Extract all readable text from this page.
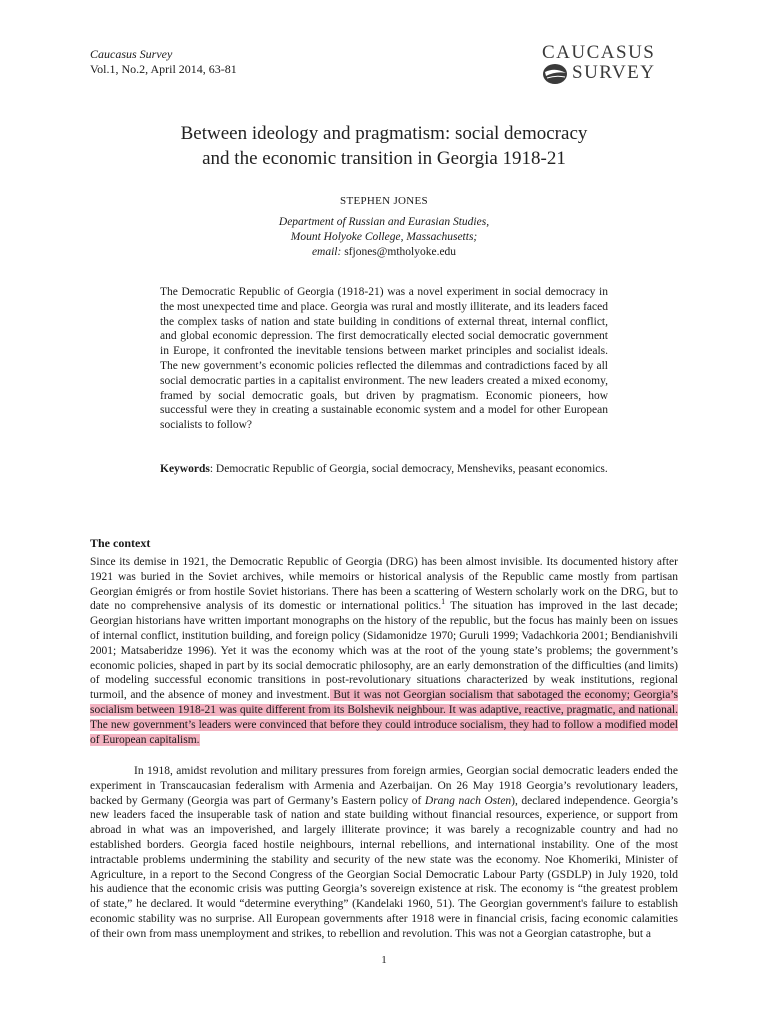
Caucasus Survey
Vol.1, No.2, April 2014, 63-81
CAUCASUS
SURVEY
Between ideology and pragmatism: social democracy
and the economic transition in Georgia 1918-21
STEPHEN JONES
Department of Russian and Eurasian Studies,
Mount Holyoke College, Massachusetts;
email: sfjones@mtholyoke.edu
The Democratic Republic of Georgia (1918-21) was a novel experiment in social democracy in the most unexpected time and place. Georgia was rural and mostly illiterate, and its leaders faced the complex tasks of nation and state building in conditions of external threat, internal conflict, and global economic depression. The first democratically elected social democratic government in Europe, it confronted the inevitable tensions between market principles and socialist ideals. The new government’s economic policies reflected the dilemmas and contradictions faced by all social democratic parties in a capitalist environment. The new leaders created a mixed economy, framed by social democratic goals, but driven by pragmatism. Economic pioneers, how successful were they in creating a sustainable economic system and a model for other European socialists to follow?
Keywords: Democratic Republic of Georgia, social democracy, Mensheviks, peasant economics.
The context
Since its demise in 1921, the Democratic Republic of Georgia (DRG) has been almost invisible. Its documented history after 1921 was buried in the Soviet archives, while memoirs or historical analysis of the Republic came mostly from partisan Georgian émigrés or from hostile Soviet historians. There has been a scattering of Western scholarly work on the DRG, but to date no comprehensive analysis of its domestic or international politics.$^1$ The situation has improved in the last decade; Georgian historians have written important monographs on the history of the republic, but the focus has mainly been on issues of internal conflict, institution building, and foreign policy (Sidamonidze 1970; Guruli 1999; Vadachkoria 2001; Bendianishvili 2001; Matsaberidze 1996). Yet it was the economy which was at the root of the young state’s problems; the government’s economic policies, shaped in part by its social democratic philosophy, are an early demonstration of the difficulties (and limits) of modeling successful economic transitions in post-revolutionary situations characterized by weak institutions, regional turmoil, and the absence of money and investment. But it was not Georgian socialism that sabotaged the economy; Georgia’s socialism between 1918-21 was quite different from its Bolshevik neighbour. It was adaptive, reactive, pragmatic, and national. The new government’s leaders were convinced that before they could introduce socialism, they had to follow a modified model of European capitalism.
In 1918, amidst revolution and military pressures from foreign armies, Georgian social democratic leaders ended the experiment in Transcaucasian federalism with Armenia and Azerbaijan. On 26 May 1918 Georgia’s revolutionary leaders, backed by Germany (Georgia was part of Germany’s Eastern policy of Drang nach Osten), declared independence. Georgia’s new leaders faced the insuperable task of nation and state building without financial resources, experience, or support from abroad in what was an impoverished, and largely illiterate province; it was barely a recognizable country and had no established borders. Georgia faced hostile neighbours, internal rebellions, and international instability. One of the most intractable problems undermining the stability and security of the new state was the economy. Noe Khomeriki, Minister of Agriculture, in a report to the Second Congress of the Georgian Social Democratic Labour Party (GSDLP) in July 1920, told his audience that the economic crisis was putting Georgia’s sovereign existence at risk. The economy is “the greatest problem of state,” he declared. It would “determine everything” (Kandelaki 1960, 51). The Georgian government's failure to establish economic stability was no surprise. All European governments after 1918 were in financial crisis, facing economic calamities of their own from mass unemployment and strikes, to rebellion and revolution. This was not a Georgian catastrophe, but a
1
